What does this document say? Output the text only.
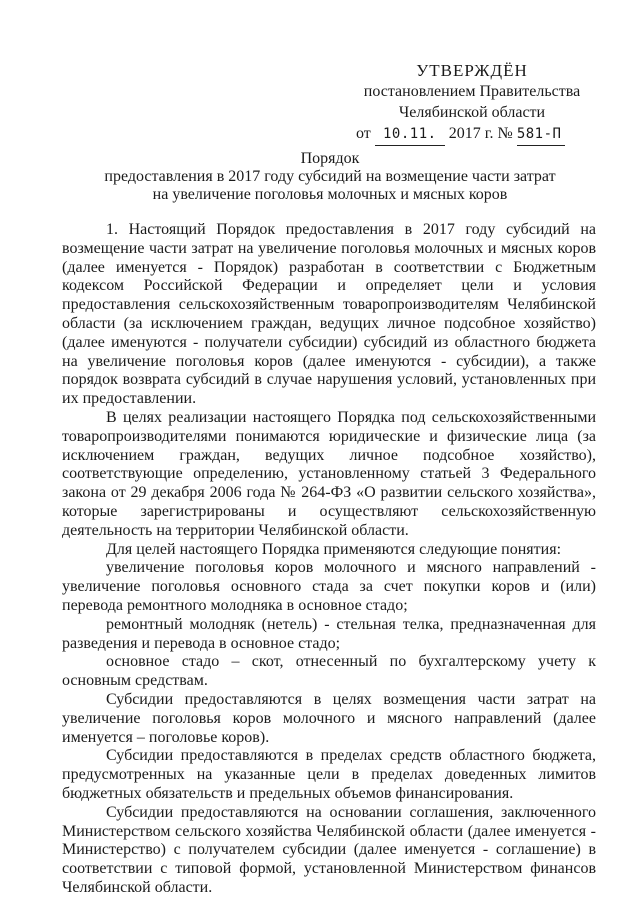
УТВЕРЖДЁН
постановлением Правительства
Челябинской области
от 10.11. 2017 г. № 581-П
Порядок
предоставления в 2017 году субсидий на возмещение части затрат
на увеличение поголовья молочных и мясных коров

1. Настоящий Порядок предоставления в 2017 году субсидий на возмещение части затрат на увеличение поголовья молочных и мясных коров (далее именуется - Порядок) разработан в соответствии с Бюджетным кодексом Российской Федерации и определяет цели и условия предоставления сельскохозяйственным товаропроизводителям Челябинской области (за исключением граждан, ведущих личное подсобное хозяйство) (далее именуются - получатели субсидии) субсидий из областного бюджета на увеличение поголовья коров (далее именуются - субсидии), а также порядок возврата субсидий в случае нарушения условий, установленных при их предоставлении.

В целях реализации настоящего Порядка под сельскохозяйственными товаропроизводителями понимаются юридические и физические лица (за исключением граждан, ведущих личное подсобное хозяйство), соответствующие определению, установленному статьей 3 Федерального закона от 29 декабря 2006 года № 264-ФЗ «О развитии сельского хозяйства», которые зарегистрированы и осуществляют сельскохозяйственную деятельность на территории Челябинской области.

Для целей настоящего Порядка применяются следующие понятия:

увеличение поголовья коров молочного и мясного направлений - увеличение поголовья основного стада за счет покупки коров и (или) перевода ремонтного молодняка в основное стадо;

ремонтный молодняк (нетель) - стельная телка, предназначенная для разведения и перевода в основное стадо;

основное стадо – скот, отнесенный по бухгалтерскому учету к основным средствам.

Субсидии предоставляются в целях возмещения части затрат на увеличение поголовья коров молочного и мясного направлений (далее именуется – поголовье коров).

Субсидии предоставляются в пределах средств областного бюджета, предусмотренных на указанные цели в пределах доведенных лимитов бюджетных обязательств и предельных объемов финансирования.

Субсидии предоставляются на основании соглашения, заключенного Министерством сельского хозяйства Челябинской области (далее именуется - Министерство) с получателем субсидии (далее именуется - соглашение) в соответствии с типовой формой, установленной Министерством финансов Челябинской области.
